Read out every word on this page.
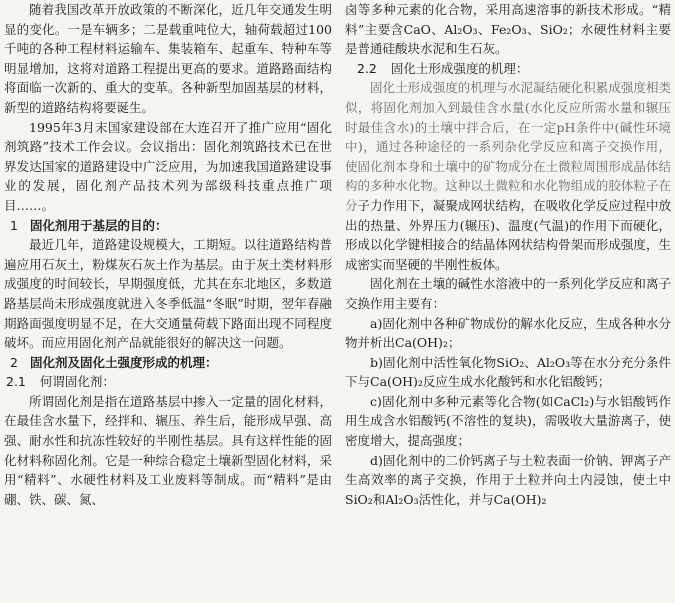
随着我国改革开放政策的不断深化，近几年交通发生明显的变化。一是车辆多；二是载重吨位大，轴荷载超过100千吨的各种工程材料运输车、集装箱车、起重车、特种车等明显增加，这将对道路工程提出更高的要求。道路路面结构将面临一次新的、重大的变革。各种新型加固基层的材料，新型的道路结构将要诞生。

1995年3月末国家建设部在大连召开了推广应用“固化剂筑路”技术工作会议。会议指出：固化剂筑路技术已在世界发达国家的道路建设中广泛应用，为加速我国道路建设事业的发展，固化剂产品技术列为部级科技重点推广项目……。

1 固化剂用于基层的目的：

最近几年，道路建设规模大，工期短。以往道路结构普遍应用石灰土，粉煤灰石灰土作为基层。由于灰土类材料形成强度的时间较长，早期强度低，尤其在东北地区，多数道路基层尚未形成强度就进入冬季低温“冬眠”时期，翌年春融期路面强度明显不足，在大交通量荷载下路面出现不同程度破坏。而应用固化剂产品就能很好的解决这一问题。

2 固化剂及固化土强度形成的机理：

2.1 何谓固化剂：

所谓固化剂是指在道路基层中掺入一定量的固化材料，在最佳含水量下，经拌和、辗压、养生后，能形成早强、高强、耐水性和抗冻性较好的半刚性基层。具有这样性能的固化材料称固化剂。它是一种综合稳定土壤新型固化材料，采用“精料”、水硬性材料及工业废料等制成。而“精料”是由硼、铁、碳、氮、

卤等多种元素的化合物，采用高速溶事的新技术形成。“精料”主要含CaO、Al₂O₃、Fe₂O₃、SiO₂；水硬性材料主要是普通硅酸块水泥和生石灰。

2.2 固化土形成强度的机理：

固化土形成强度的机理与水泥凝结硬化积累成强度相类似，将固化剂加入到最佳含水量(水化反应所需水量和辗压时最佳含水)的土壤中拌合后，在一定pH条件中(碱性环境中)，通过各种途径的一系列杂化学反应和离子交换作用，使固化剂本身和土壤中的矿物成分在土微粒周围形成晶体结构的多种水化物。这种以土微粒和水化物组成的胶体粒子在分子力作用下，凝聚成网状结构，在吸收化学反应过程中放出的热量、外界压力(辗压)、温度(气温)的作用下而硬化，形成以化学键相接合的结晶体网状结构骨架而形成强度，生成密实而坚硬的半刚性板体。

固化剂在土壤的碱性水溶液中的一系列化学反应和离子交换作用主要有：

a)固化剂中各种矿物成份的解水化反应，生成各种水分物并析出Ca(OH)₂；

b)固化剂中活性氧化物SiO₂、Al₂O₃等在水分充分条件下与Ca(OH)₂反应生成水化酸钙和水化铝酸钙；

c)固化剂中多种元素等化合物(如CaCl₂)与水铝酸钙作用生成含水铝酸钙(不溶性的复块)，需吸收大量游离子，使密度增大，提高强度；

d)固化剂中的二价钙离子与土粒表面一价钠、钾离子产生高效率的离子交换，作用于土粒并向土内浸蚀，使土中SiO₂和Al₂O₃活性化，并与Ca(OH)₂
